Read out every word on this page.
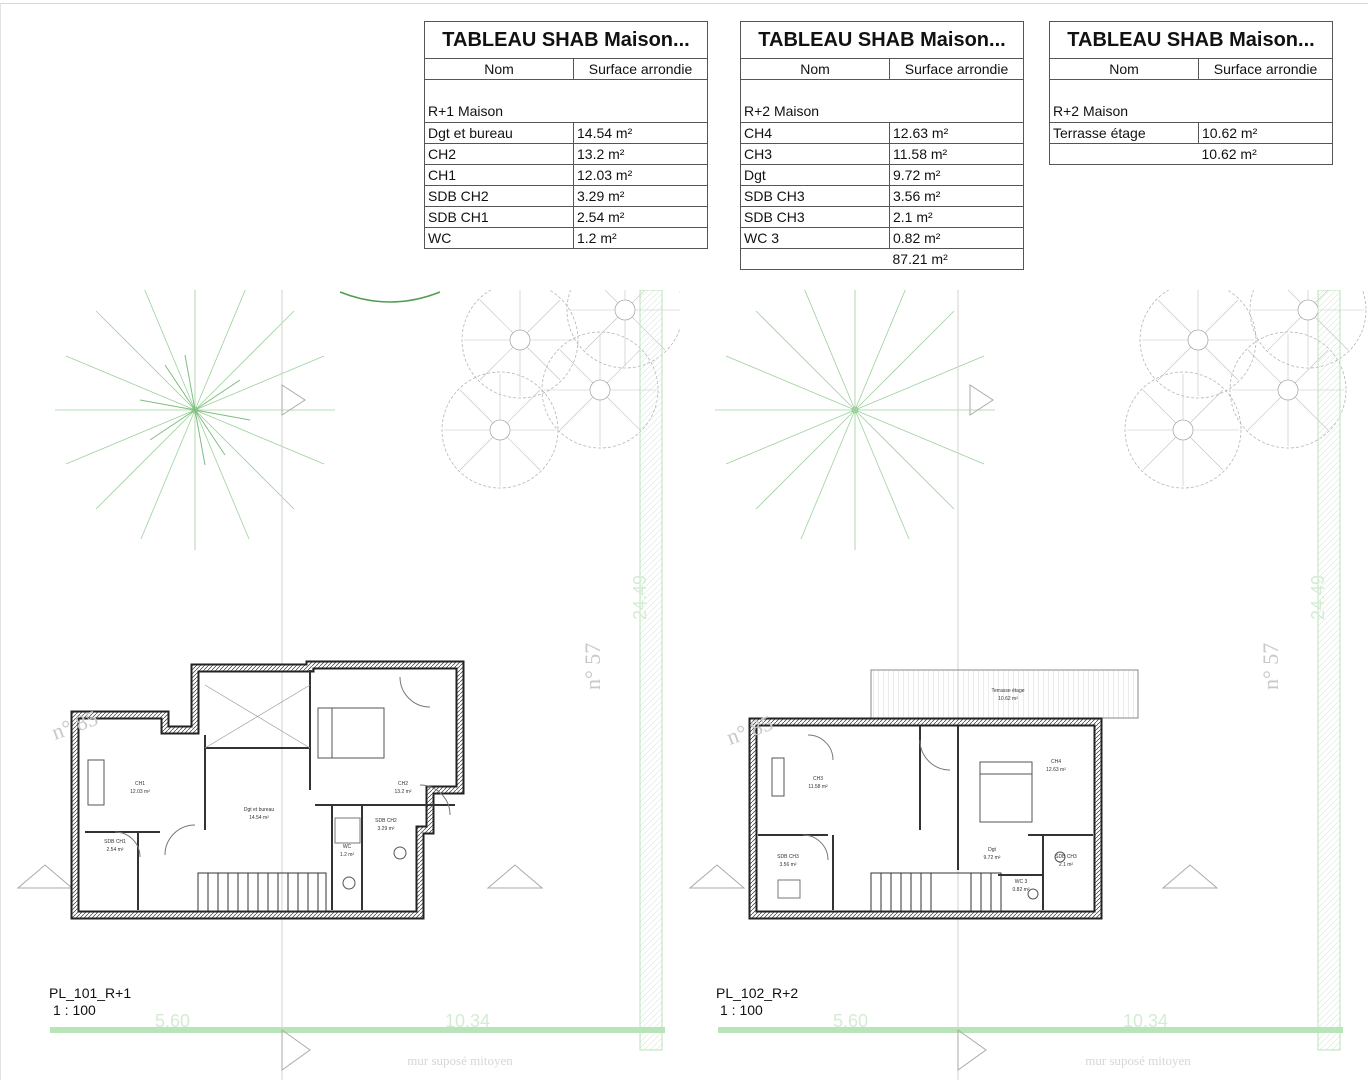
TABLEAU SHAB Maison...	
Nom	Surface arrondie
R+1 Maison	
Dgt et bureau	14.54 m²
CH2	13.2 m²
CH1	12.03 m²
SDB CH2	3.29 m²
SDB CH1	2.54 m²
WC	1.2 m²
TABLEAU SHAB Maison...	
Nom	Surface arrondie
R+2 Maison	
CH4	12.63 m²
CH3	11.58 m²
Dgt	9.72 m²
SDB CH3	3.56 m²
SDB CH3	2.1 m²
WC 3	0.82 m²
	87.21 m²
TABLEAU SHAB Maison...	
Nom	Surface arrondie
R+2 Maison	
Terrasse étage	10.62 m²
	10.62 m²
CH1
12.03 m²
Dgt et bureau
14.54 m²
CH2
13.2 m²
SDB CH2
3.29 m²
SDB CH1
2.54 m²	WC
1.2 m²
n° 85
n° 57
5.60	10.34
24.49
mur suposé mitoyen
PL_101_R+1
1 : 100
Terrasse étage
10.62 m²
CH3
11.58 m²
CH4
12.63 m²
SDB CH3
3.56 m²
Dgt
9.72 m²	SDB CH3
2.1 m²
WC 3
0.82 m²
n° 85
n° 57
5.60	10.34
24.49
mur suposé mitoyen
PL_102_R+2
1 : 100
